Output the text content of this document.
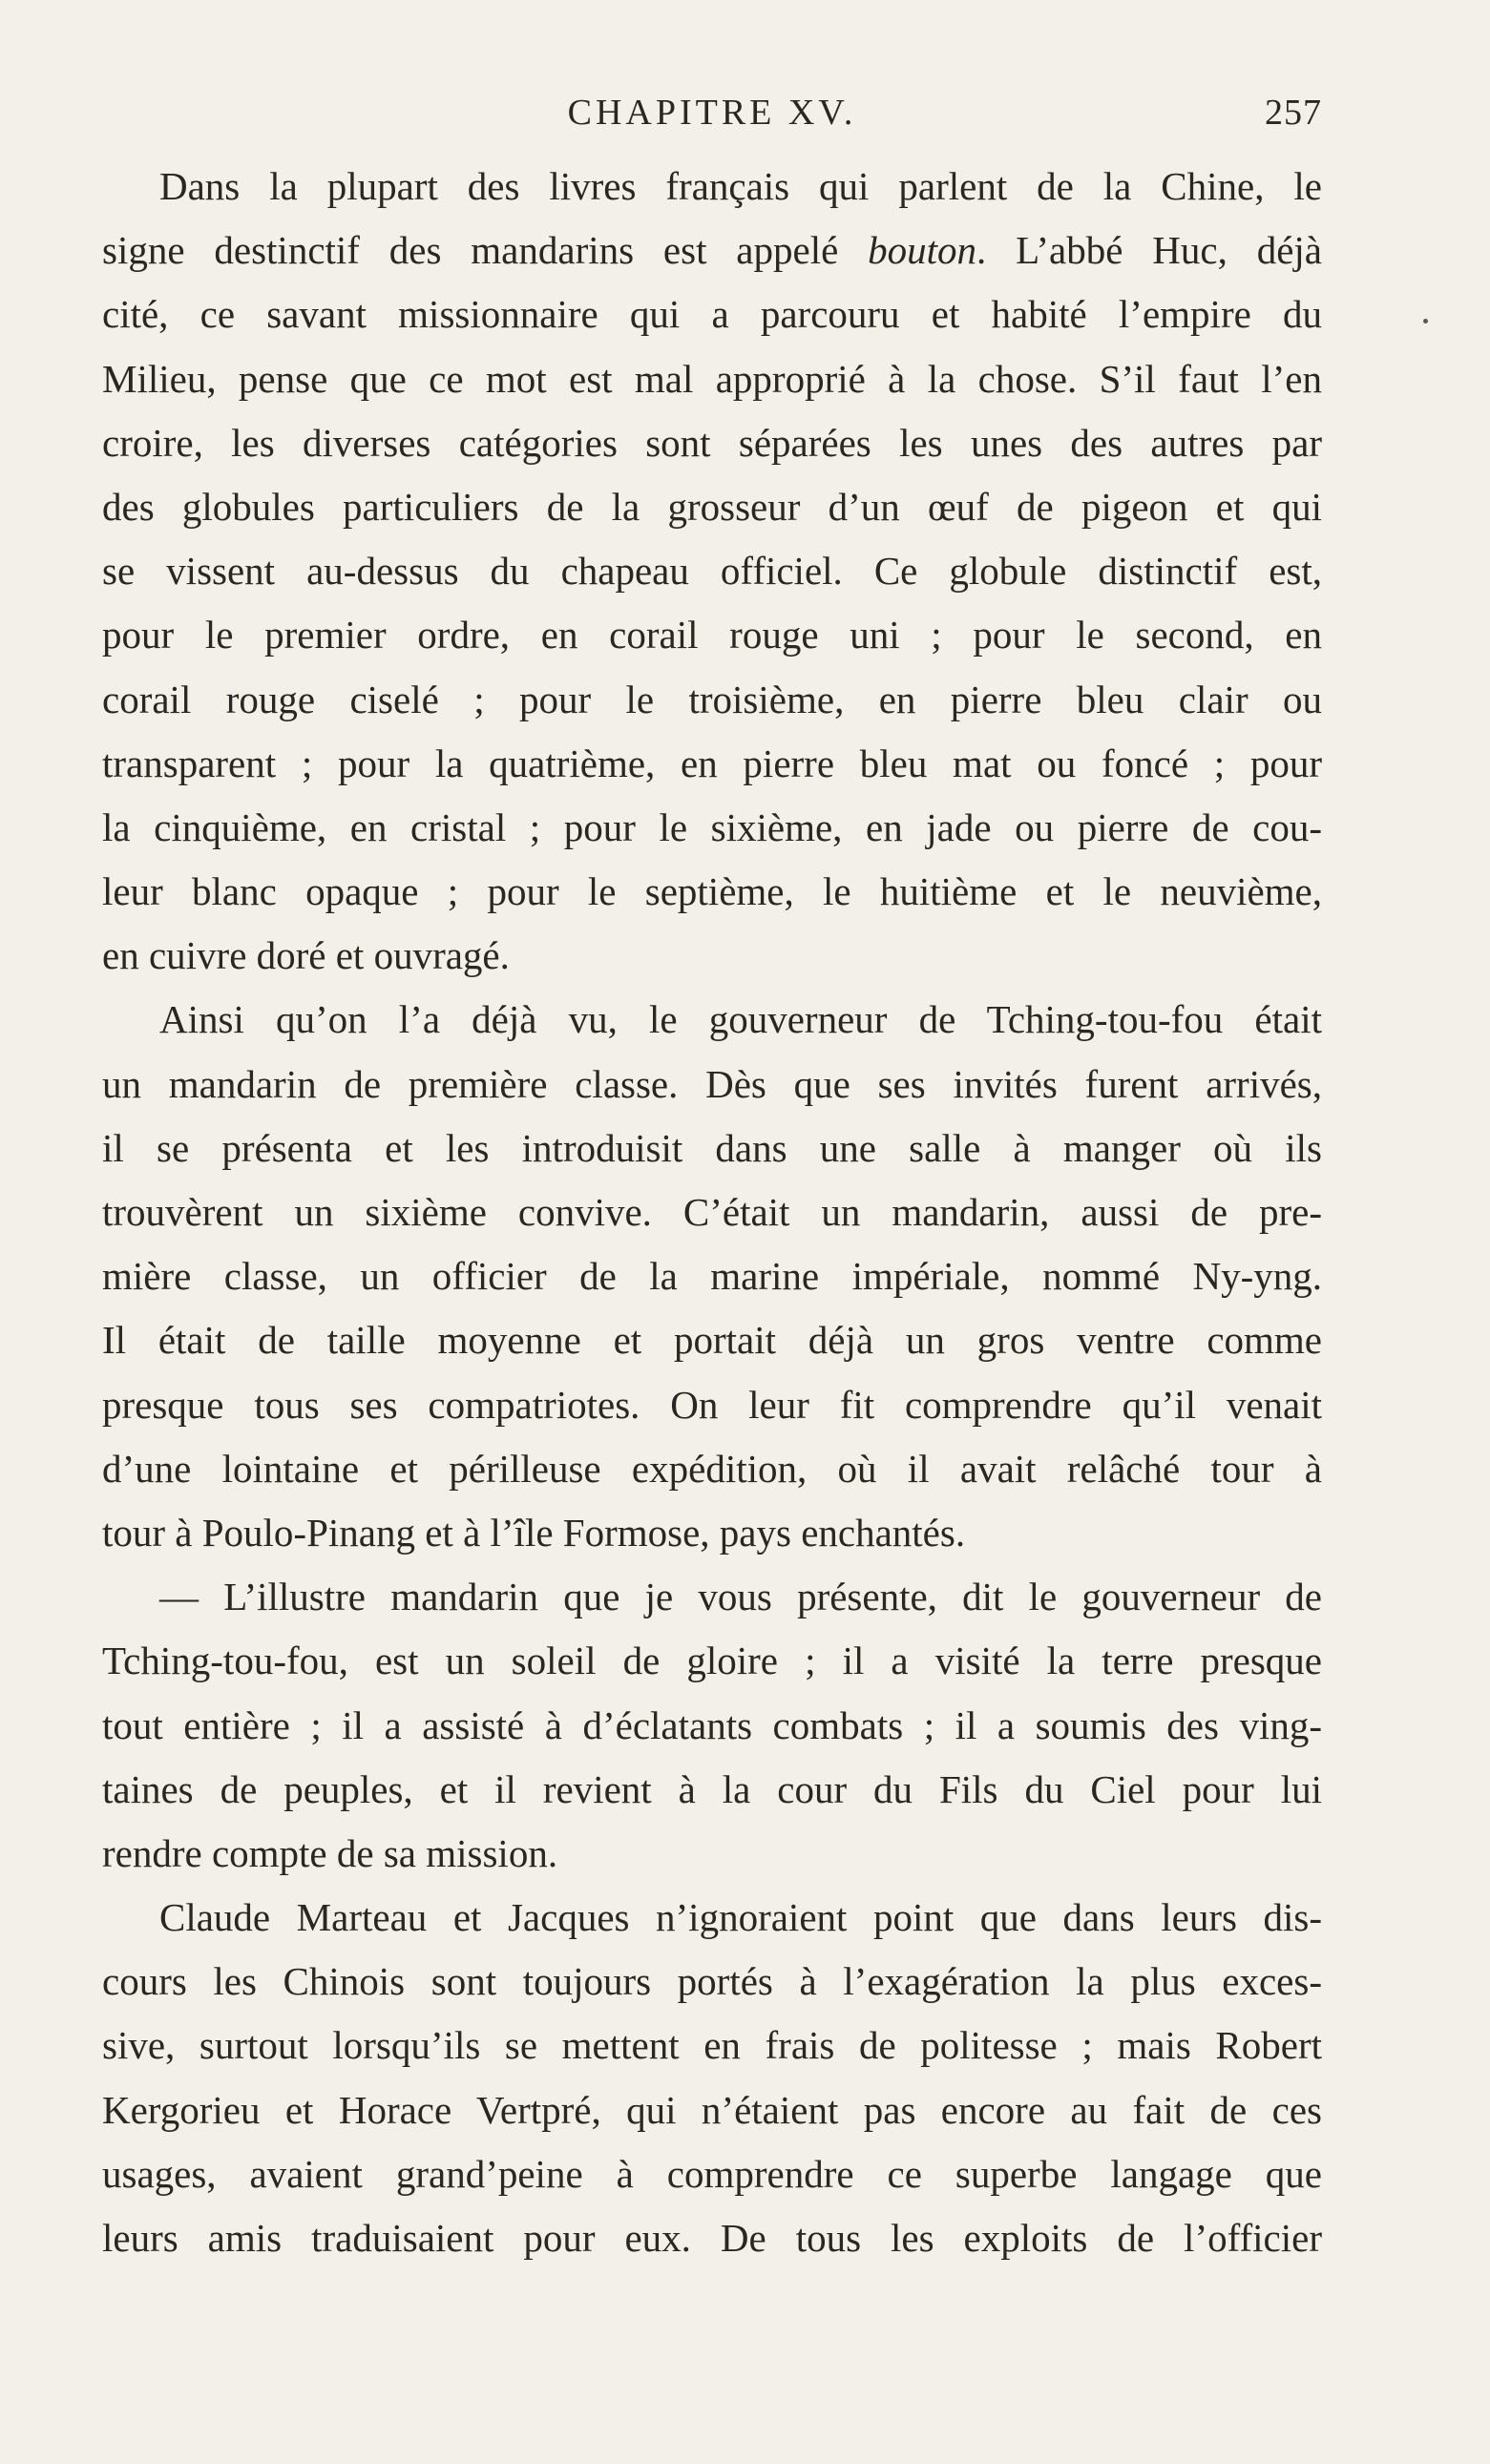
CHAPITRE XV.	257

Dans la plupart des livres français qui parlent de la Chine, le
signe destinctif des mandarins est appelé bouton. L’abbé Huc, déjà
cité, ce savant missionnaire qui a parcouru et habité l’empire du
Milieu, pense que ce mot est mal approprié à la chose. S’il faut l’en
croire, les diverses catégories sont séparées les unes des autres par
des globules particuliers de la grosseur d’un œuf de pigeon et qui
se vissent au-dessus du chapeau officiel. Ce globule distinctif est,
pour le premier ordre, en corail rouge uni ; pour le second, en
corail rouge ciselé ; pour le troisième, en pierre bleu clair ou
transparent ; pour la quatrième, en pierre bleu mat ou foncé ; pour
la cinquième, en cristal ; pour le sixième, en jade ou pierre de cou-
leur blanc opaque ; pour le septième, le huitième et le neuvième,
en cuivre doré et ouvragé.

Ainsi qu’on l’a déjà vu, le gouverneur de Tching-tou-fou était
un mandarin de première classe. Dès que ses invités furent arrivés,
il se présenta et les introduisit dans une salle à manger où ils
trouvèrent un sixième convive. C’était un mandarin, aussi de pre-
mière classe, un officier de la marine impériale, nommé Ny-yng.
Il était de taille moyenne et portait déjà un gros ventre comme
presque tous ses compatriotes. On leur fit comprendre qu’il venait
d’une lointaine et périlleuse expédition, où il avait relâché tour à
tour à Poulo-Pinang et à l’île Formose, pays enchantés.

— L’illustre mandarin que je vous présente, dit le gouverneur de
Tching-tou-fou, est un soleil de gloire ; il a visité la terre presque
tout entière ; il a assisté à d’éclatants combats ; il a soumis des ving-
taines de peuples, et il revient à la cour du Fils du Ciel pour lui
rendre compte de sa mission.

Claude Marteau et Jacques n’ignoraient point que dans leurs dis-
cours les Chinois sont toujours portés à l’exagération la plus exces-
sive, surtout lorsqu’ils se mettent en frais de politesse ; mais Robert
Kergorieu et Horace Vertpré, qui n’étaient pas encore au fait de ces
usages, avaient grand’peine à comprendre ce superbe langage que
leurs amis traduisaient pour eux. De tous les exploits de l’officier
